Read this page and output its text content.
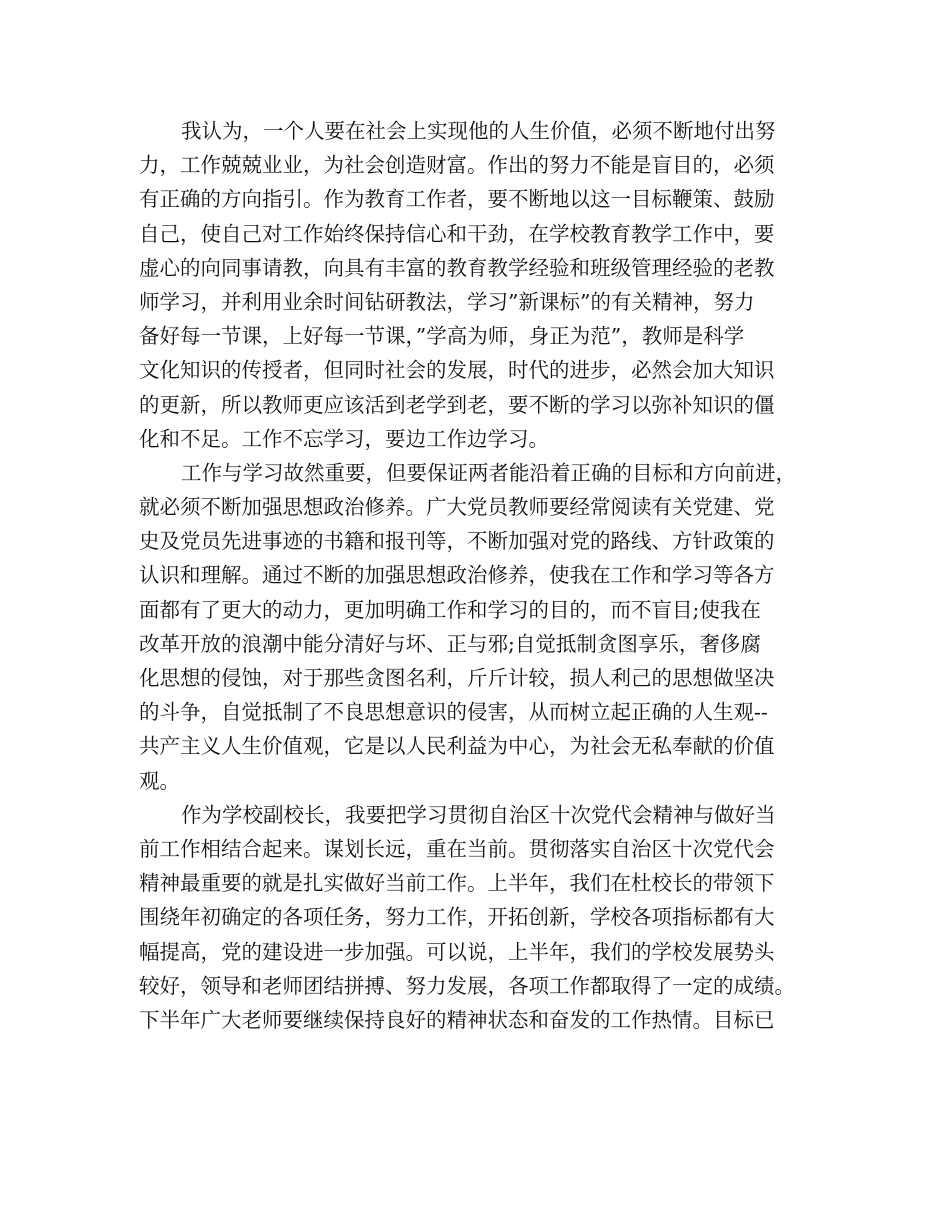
我认为，一个人要在社会上实现他的人生价值，必须不断地付出努
力，工作兢兢业业，为社会创造财富。作出的努力不能是盲目的，必须
有正确的方向指引。作为教育工作者，要不断地以这一目标鞭策、鼓励
自己，使自己对工作始终保持信心和干劲，在学校教育教学工作中，要
虚心的向同事请教，向具有丰富的教育教学经验和班级管理经验的老教
师学习，并利用业余时间钻研教法，学习”新课标”的有关精神，努力
备好每一节课，上好每一节课，”学高为师，身正为范”，教师是科学
文化知识的传授者，但同时社会的发展，时代的进步，必然会加大知识
的更新，所以教师更应该活到老学到老，要不断的学习以弥补知识的僵
化和不足。工作不忘学习，要边工作边学习。
工作与学习故然重要，但要保证两者能沿着正确的目标和方向前进，
就必须不断加强思想政治修养。广大党员教师要经常阅读有关党建、党
史及党员先进事迹的书籍和报刊等，不断加强对党的路线、方针政策的
认识和理解。通过不断的加强思想政治修养，使我在工作和学习等各方
面都有了更大的动力，更加明确工作和学习的目的，而不盲目;使我在
改革开放的浪潮中能分清好与坏、正与邪;自觉抵制贪图享乐，奢侈腐
化思想的侵蚀，对于那些贪图名利，斤斤计较，损人利己的思想做坚决
的斗争，自觉抵制了不良思想意识的侵害，从而树立起正确的人生观--
共产主义人生价值观，它是以人民利益为中心，为社会无私奉献的价值
观。
作为学校副校长，我要把学习贯彻自治区十次党代会精神与做好当
前工作相结合起来。谋划长远，重在当前。贯彻落实自治区十次党代会
精神最重要的就是扎实做好当前工作。上半年，我们在杜校长的带领下
围绕年初确定的各项任务，努力工作，开拓创新，学校各项指标都有大
幅提高，党的建设进一步加强。可以说，上半年，我们的学校发展势头
较好，领导和老师团结拼搏、努力发展，各项工作都取得了一定的成绩。
下半年广大老师要继续保持良好的精神状态和奋发的工作热情。目标已
